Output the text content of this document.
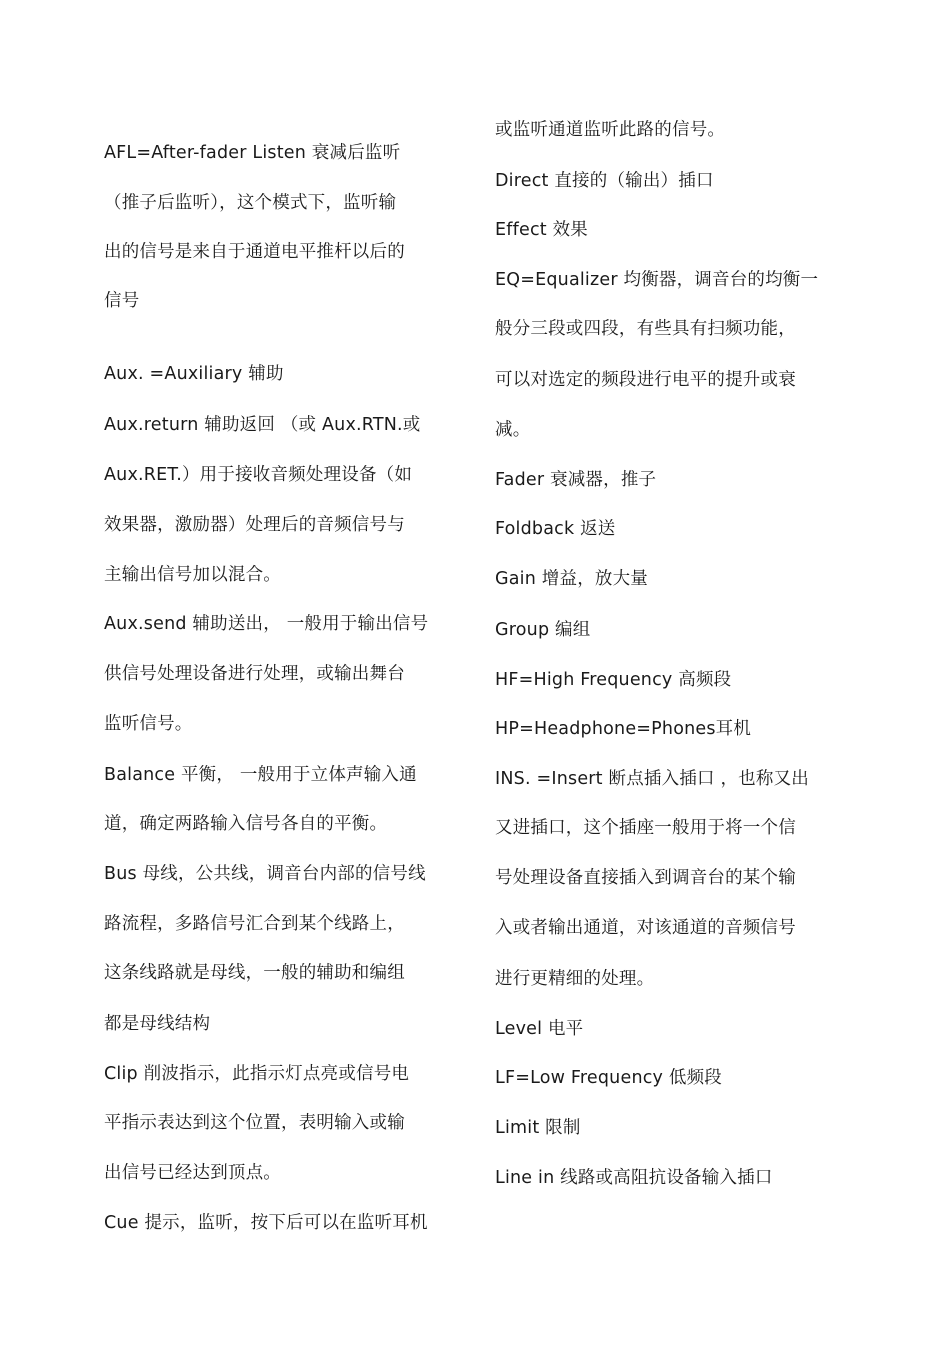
AFL=After-fader Listen 衰减后监听
（推子后监听），这个模式下，监听输
出的信号是来自于通道电平推杆以后的
信号
Aux. =Auxiliary 辅助
Aux.return 辅助返回 （或 Aux.RTN.或
Aux.RET.）用于接收音频处理设备（如
效果器，激励器）处理后的音频信号与
主输出信号加以混合。
Aux.send 辅助送出， 一般用于输出信号
供信号处理设备进行处理，或输出舞台
监听信号。
Balance 平衡， 一般用于立体声输入通
道，确定两路输入信号各自的平衡。
Bus 母线，公共线，调音台内部的信号线
路流程，多路信号汇合到某个线路上，
这条线路就是母线，一般的辅助和编组
都是母线结构
Clip 削波指示，此指示灯点亮或信号电
平指示表达到这个位置，表明输入或输
出信号已经达到顶点。
Cue 提示，监听，按下后可以在监听耳机
或监听通道监听此路的信号。
Direct 直接的（输出）插口
Effect 效果
EQ=Equalizer 均衡器，调音台的均衡一
般分三段或四段，有些具有扫频功能，
可以对选定的频段进行电平的提升或衰
减。
Fader 衰减器，推子
Foldback 返送
Gain 增益，放大量
Group 编组
HF=High Frequency 高频段
HP=Headphone=Phones耳机
INS. =Insert 断点插入插口 ，也称又出
又进插口，这个插座一般用于将一个信
号处理设备直接插入到调音台的某个输
入或者输出通道，对该通道的音频信号
进行更精细的处理。
Level 电平
LF=Low Frequency 低频段
Limit 限制
Line in 线路或高阻抗设备输入插口
